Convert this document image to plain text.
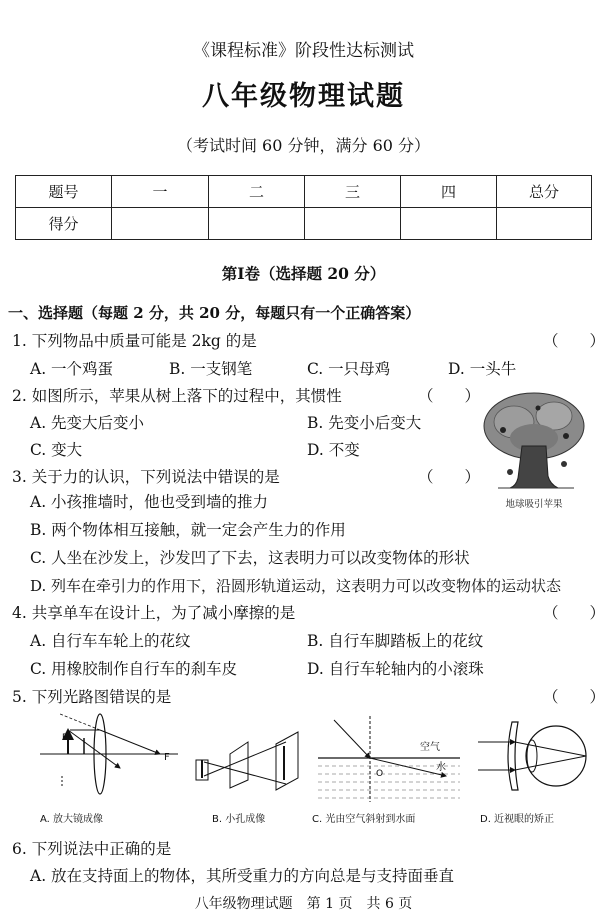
《课程标准》阶段性达标测试
八年级物理试题
（考试时间 60 分钟，满分 60 分）
题号	一	二	三	四	总分
得分					
第Ⅰ卷（选择题 20 分）
一、选择题（每题 2 分，共 20 分，每题只有一个正确答案）
1. 下列物品中质量可能是 2kg 的是	（　　）
A. 一个鸡蛋	B. 一支钢笔	C. 一只母鸡	D. 一头牛
2. 如图所示，苹果从树上落下的过程中，其惯性	（　　）
A. 先变大后变小	B. 先变小后变大
C. 变大	D. 不变
地球吸引苹果
3. 关于力的认识，下列说法中错误的是	（　　）
A. 小孩推墙时，他也受到墙的推力
B. 两个物体相互接触，就一定会产生力的作用
C. 人坐在沙发上，沙发凹了下去，这表明力可以改变物体的形状
D. 列车在牵引力的作用下，沿圆形轨道运动，这表明力可以改变物体的运动状态
4. 共享单车在设计上，为了减小摩擦的是	（　　）
A. 自行车车轮上的花纹	B. 自行车脚踏板上的花纹
C. 用橡胶制作自行车的刹车皮	D. 自行车轮轴内的小滚珠
5. 下列光路图错误的是	（　　）
F
F
O
空气
水
A. 放大镜成像	B. 小孔成像	C. 光由空气斜射到水面	D. 近视眼的矫正
6. 下列说法中正确的是
A. 放在支持面上的物体，其所受重力的方向总是与支持面垂直
八年级物理试题　第 1 页　共 6 页
